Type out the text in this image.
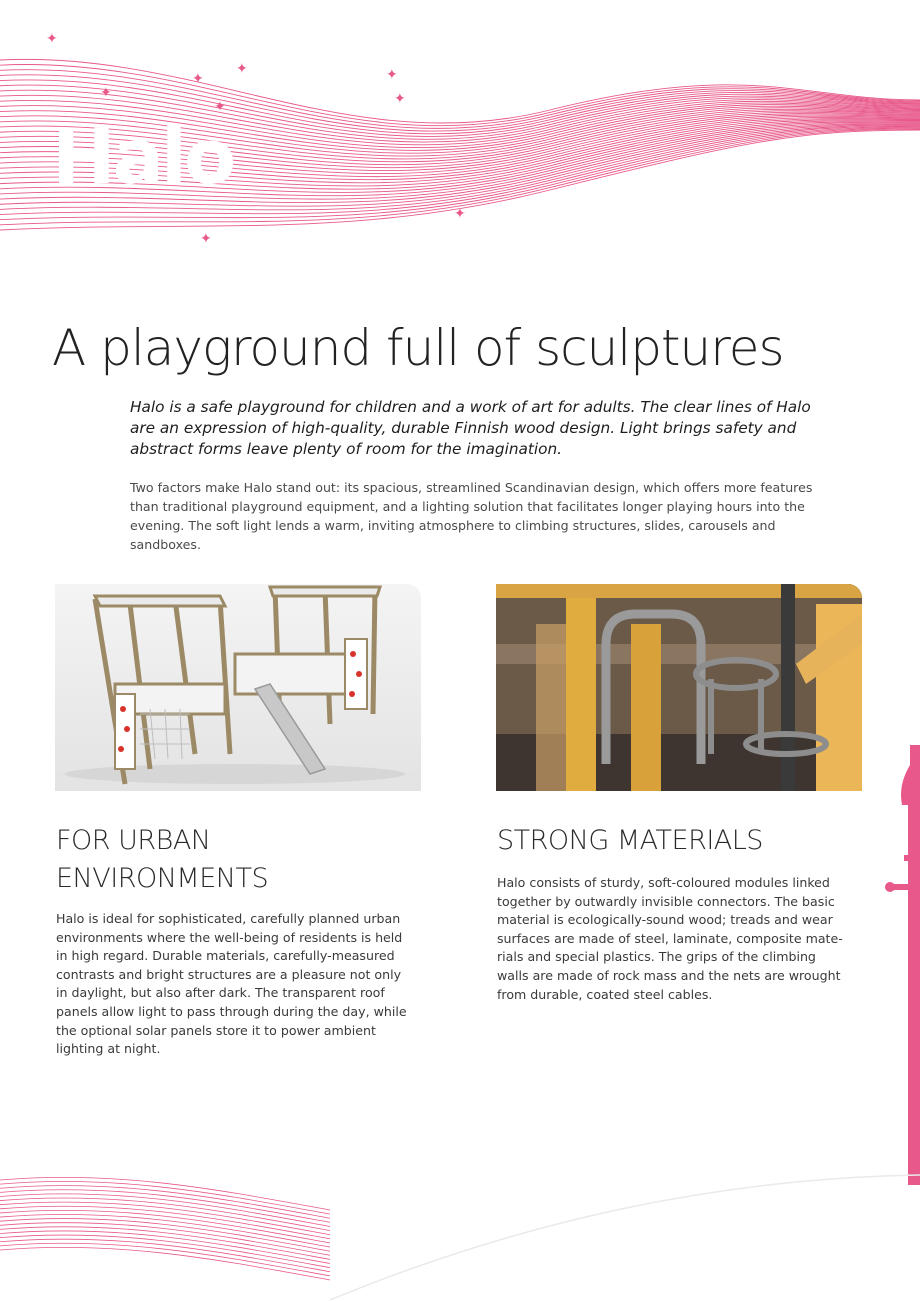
✦
✦
✦
✦
✦
✦
✦
✦
✦
Halo
A playground full of sculptures

Halo is a safe playground for children and a work of art for adults. The clear lines of Halo are an expression of high-quality, durable Finnish wood design. Light brings safety and abstract forms leave plenty of room for the imagination.

Two factors make Halo stand out: its spacious, streamlined Scandinavian design, which offers more features than traditional playground equipment, and a lighting solution that facilitates longer playing hours into the evening. The soft light lends a warm, inviting atmosphere to climbing structures, slides, carousels and sandboxes.

FOR URBAN
ENVIRONMENTS

Halo is ideal for sophisticated, carefully planned urban environments where the well-being of residents is held in high regard. Durable materials, carefully-measured contrasts and bright structures are a pleasure not only in daylight, but also after dark. The transparent roof panels allow light to pass through during the day, while the optional solar panels store it to power ambient lighting at night.

STRONG MATERIALS

Halo consists of sturdy, soft-coloured modules linked together by outwardly invisible connectors. The basic material is ecologically-sound wood; treads and wear surfaces are made of steel, laminate, composite mate-rials and special plastics. The grips of the climbing walls are made of rock mass and the nets are wrought from durable, coated steel cables.
